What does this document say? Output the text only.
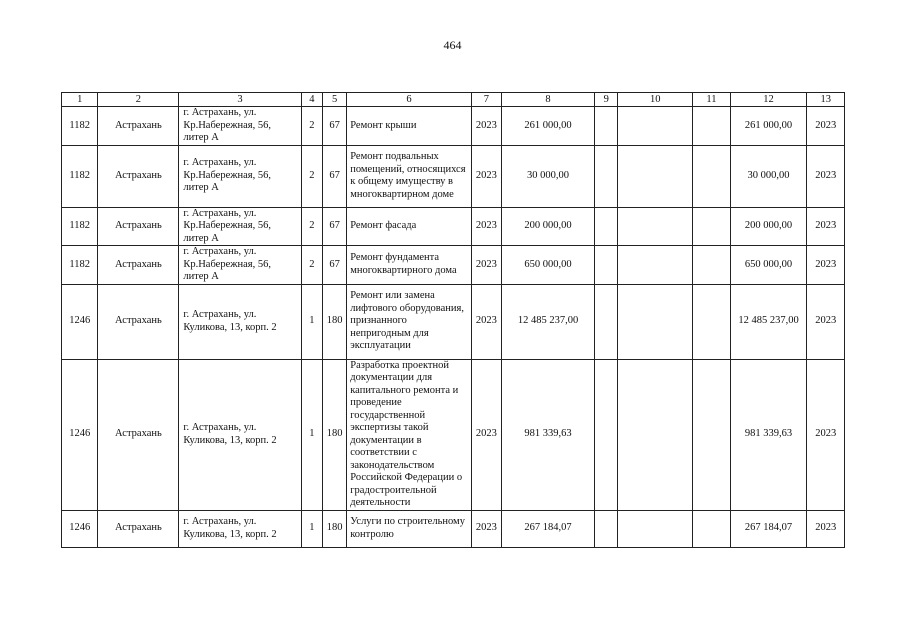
464
1	2	3	4	5	6	7	8	9	10	11	12	13
1182	Астрахань	г. Астрахань, ул. Кр.Набережная, 56, литер А	2	67	Ремонт крыши	2023	261 000,00				261 000,00	2023
1182	Астрахань	г. Астрахань, ул. Кр.Набережная, 56, литер А	2	67	Ремонт подвальных помещений, относящихся к общему имуществу в многоквартирном доме	2023	30 000,00				30 000,00	2023
1182	Астрахань	г. Астрахань, ул. Кр.Набережная, 56, литер А	2	67	Ремонт фасада	2023	200 000,00				200 000,00	2023
1182	Астрахань	г. Астрахань, ул. Кр.Набережная, 56, литер А	2	67	Ремонт фундамента многоквартирного дома	2023	650 000,00				650 000,00	2023
1246	Астрахань	г. Астрахань, ул. Куликова, 13, корп. 2	1	180	Ремонт или замена лифтового оборудования, признанного непригодным для эксплуатации	2023	12 485 237,00				12 485 237,00	2023
1246	Астрахань	г. Астрахань, ул. Куликова, 13, корп. 2	1	180	Разработка проектной документации для капитального ремонта и проведение государственной экспертизы такой документации в соответствии с законодательством Российской Федерации о градостроительной деятельности	2023	981 339,63				981 339,63	2023
1246	Астрахань	г. Астрахань, ул. Куликова, 13, корп. 2	1	180	Услуги по строительному контролю	2023	267 184,07				267 184,07	2023
